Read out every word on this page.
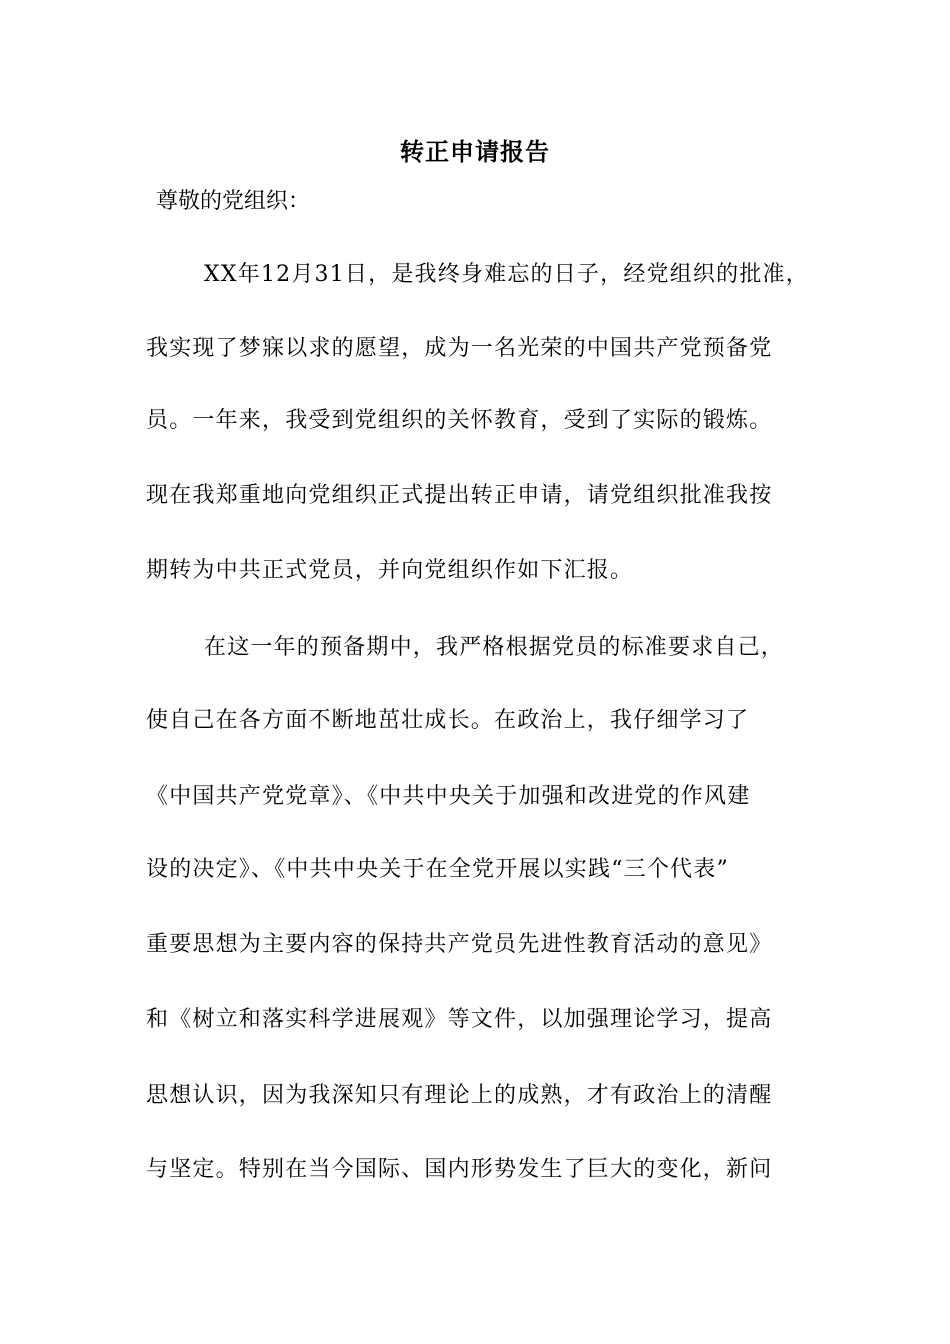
转正申请报告
尊敬的党组织：
XX年12月31日，是我终身难忘的日子，经党组织的批准，
我实现了梦寐以求的愿望，成为一名光荣的中国共产党预备党
员。一年来，我受到党组织的关怀教育，受到了实际的锻炼。
现在我郑重地向党组织正式提出转正申请，请党组织批准我按
期转为中共正式党员，并向党组织作如下汇报。
在这一年的预备期中，我严格根据党员的标准要求自己，
使自己在各方面不断地茁壮成长。在政治上，我仔细学习了
《中国共产党党章》、《中共中央关于加强和改进党的作风建
设的决定》、《中共中央关于在全党开展以实践“三个代表”
重要思想为主要内容的保持共产党员先进性教育活动的意见》
和《树立和落实科学进展观》等文件，以加强理论学习，提高
思想认识，因为我深知只有理论上的成熟，才有政治上的清醒
与坚定。特别在当今国际、国内形势发生了巨大的变化，新问
